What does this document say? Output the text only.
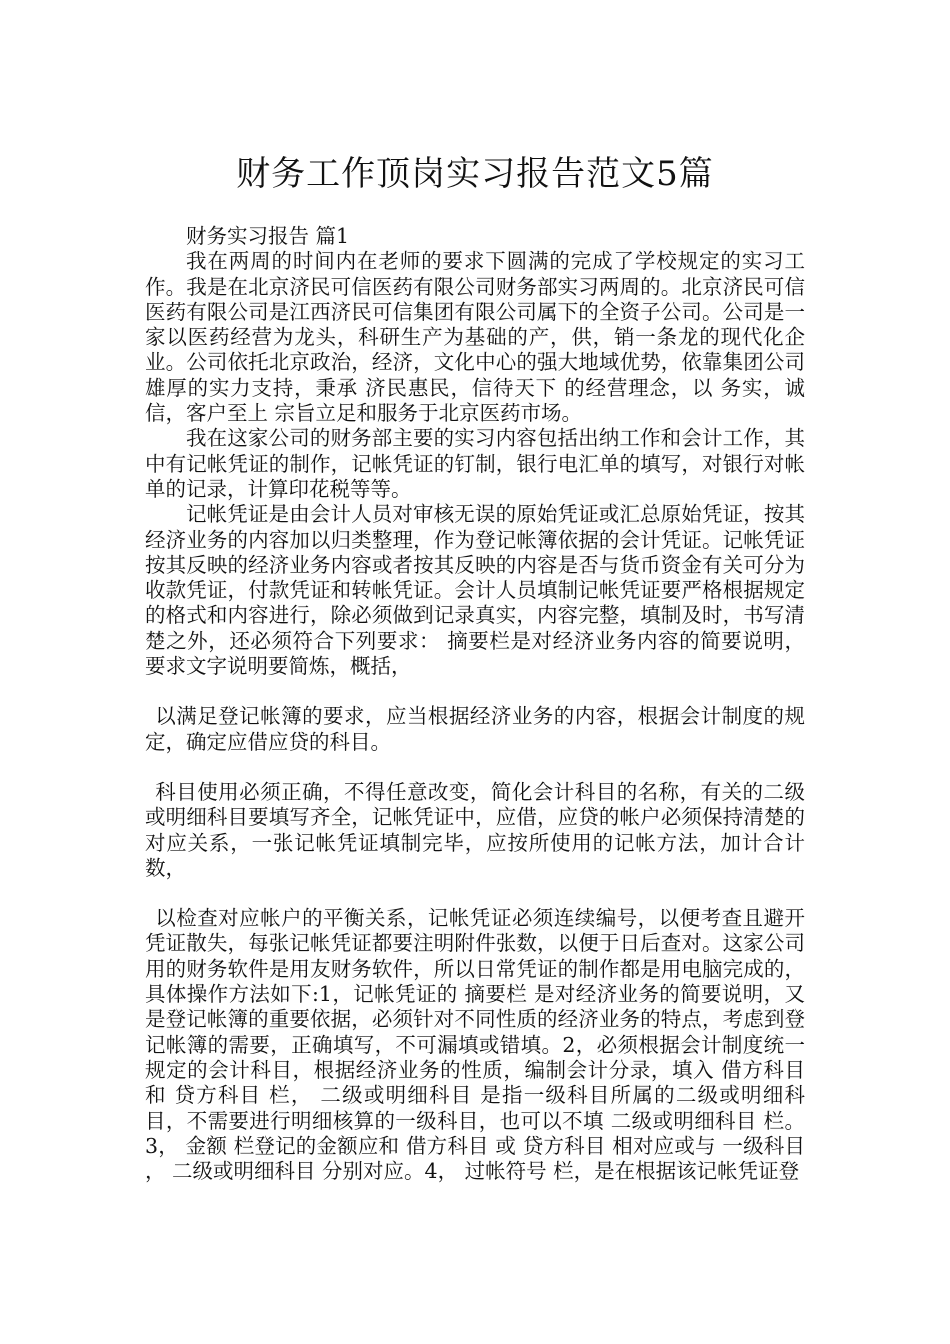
财务工作顶岗实习报告范文5篇

财务实习报告 篇1

我在两周的时间内在老师的要求下圆满的完成了学校规定的实习工作。我是在北京济民可信医药有限公司财务部实习两周的。北京济民可信医药有限公司是江西济民可信集团有限公司属下的全资子公司。公司是一家以医药经营为龙头，科研生产为基础的产，供，销一条龙的现代化企业。公司依托北京政治，经济，文化中心的强大地域优势，依靠集团公司雄厚的实力支持，秉承 济民惠民，信待天下 的经营理念，以 务实，诚信，客户至上 宗旨立足和服务于北京医药市场。

我在这家公司的财务部主要的实习内容包括出纳工作和会计工作，其中有记帐凭证的制作，记帐凭证的钉制，银行电汇单的填写，对银行对帐单的记录，计算印花税等等。

记帐凭证是由会计人员对审核无误的原始凭证或汇总原始凭证，按其经济业务的内容加以归类整理，作为登记帐簿依据的会计凭证。记帐凭证按其反映的经济业务内容或者按其反映的内容是否与货币资金有关可分为收款凭证，付款凭证和转帐凭证。会计人员填制记帐凭证要严格根据规定的格式和内容进行，除必须做到记录真实，内容完整，填制及时，书写清楚之外，还必须符合下列要求： 摘要栏是对经济业务内容的简要说明，要求文字说明要简炼，概括，

以满足登记帐簿的要求，应当根据经济业务的内容，根据会计制度的规定，确定应借应贷的科目。

科目使用必须正确，不得任意改变，简化会计科目的名称，有关的二级或明细科目要填写齐全，记帐凭证中，应借，应贷的帐户必须保持清楚的对应关系，一张记帐凭证填制完毕，应按所使用的记帐方法，加计合计数，

以检查对应帐户的平衡关系，记帐凭证必须连续编号，以便考查且避开凭证散失，每张记帐凭证都要注明附件张数，以便于日后查对。这家公司用的财务软件是用友财务软件，所以日常凭证的制作都是用电脑完成的，具体操作方法如下:1，记帐凭证的 摘要栏 是对经济业务的简要说明，又是登记帐簿的重要依据，必须针对不同性质的经济业务的特点，考虑到登记帐簿的需要，正确填写，不可漏填或错填。2，必须根据会计制度统一规定的会计科目，根据经济业务的性质，编制会计分录，填入 借方科目 和 贷方科目 栏， 二级或明细科目 是指一级科目所属的二级或明细科目，不需要进行明细核算的一级科目，也可以不填 二级或明细科目 栏。3， 金额 栏登记的金额应和 借方科目 或 贷方科目 相对应或与 一级科目 ， 二级或明细科目 分别对应。4， 过帐符号 栏，是在根据该记帐凭证登
